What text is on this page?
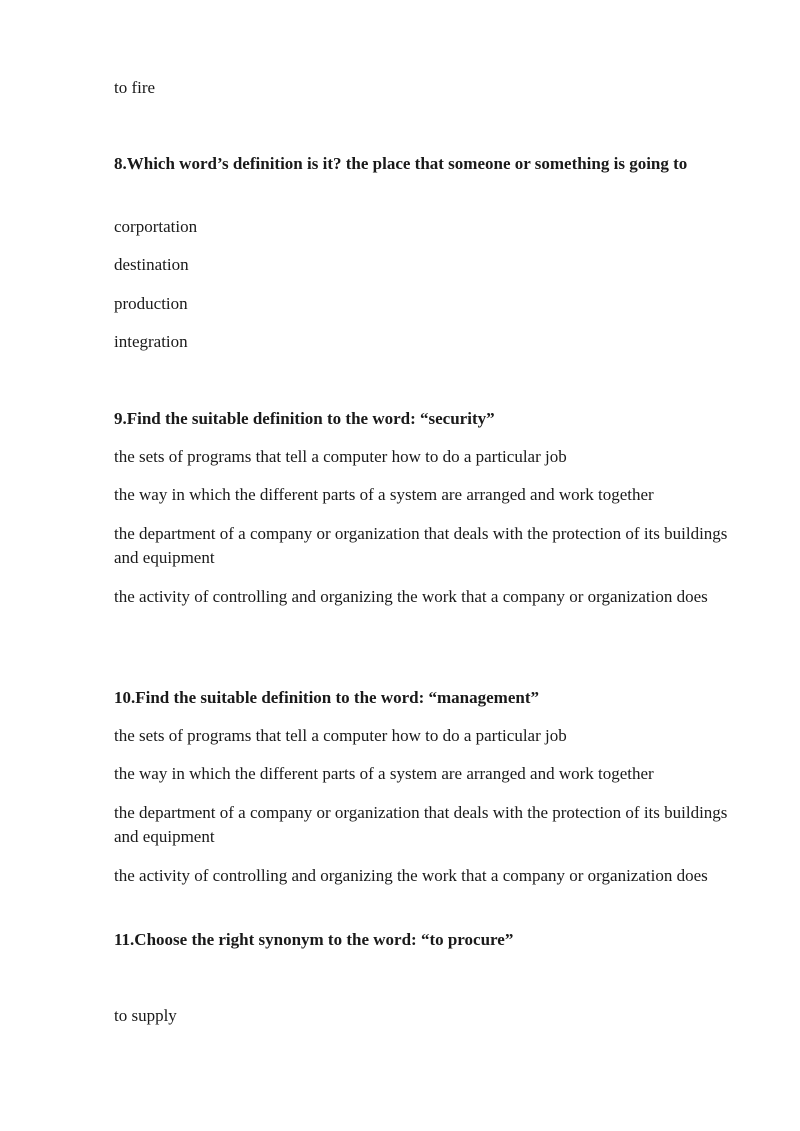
to fire

8.Which word’s definition is it? the place that someone or something is going to

corportation

destination

production

integration

9.Find the suitable definition to the word: “security”

the sets of programs that tell a computer how to do a particular job

the way in which the different parts of a system are arranged and work together

the department of a company or organization that deals with the protection of its buildings and equipment

the activity of controlling and organizing the work that a company or organization does

10.Find the suitable definition to the word: “management”

the sets of programs that tell a computer how to do a particular job

the way in which the different parts of a system are arranged and work together

the department of a company or organization that deals with the protection of its buildings and equipment

the activity of controlling and organizing the work that a company or organization does

11.Choose the right synonym to the word: “to procure”

to supply
